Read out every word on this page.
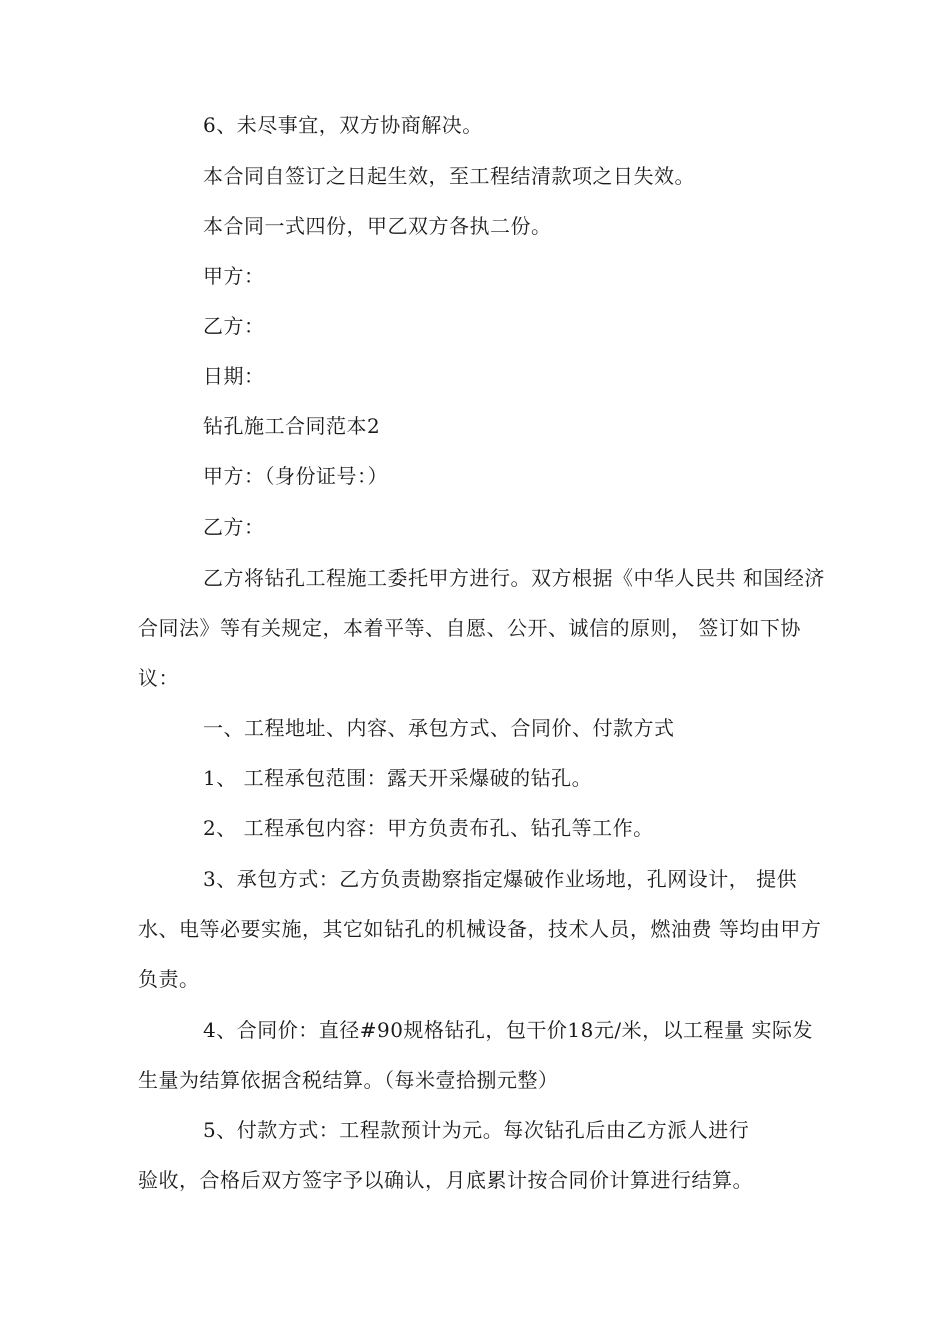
6、未尽事宜，双方协商解决。
本合同自签订之日起生效，至工程结清款项之日失效。
本合同一式四份，甲乙双方各执二份。
甲方：
乙方：
日期：
钻孔施工合同范本2
甲方：（身份证号：）
乙方：
乙方将钻孔工程施工委托甲方进行。双方根据《中华人民共 和国经济
合同法》等有关规定，本着平等、自愿、公开、诚信的原则， 签订如下协
议：
一、工程地址、内容、承包方式、合同价、付款方式
1、 工程承包范围：露天开采爆破的钻孔。
2、 工程承包内容：甲方负责布孔、钻孔等工作。
3、承包方式：乙方负责勘察指定爆破作业场地，孔网设计， 提供
水、电等必要实施，其它如钻孔的机械设备，技术人员，燃油费 等均由甲方
负责。
4、合同价：直径#90规格钻孔，包干价18元/米，以工程量 实际发
生量为结算依据含税结算。（每米壹拾捌元整）
5、付款方式：工程款预计为元。每次钻孔后由乙方派人进行
验收，合格后双方签字予以确认，月底累计按合同价计算进行结算。
